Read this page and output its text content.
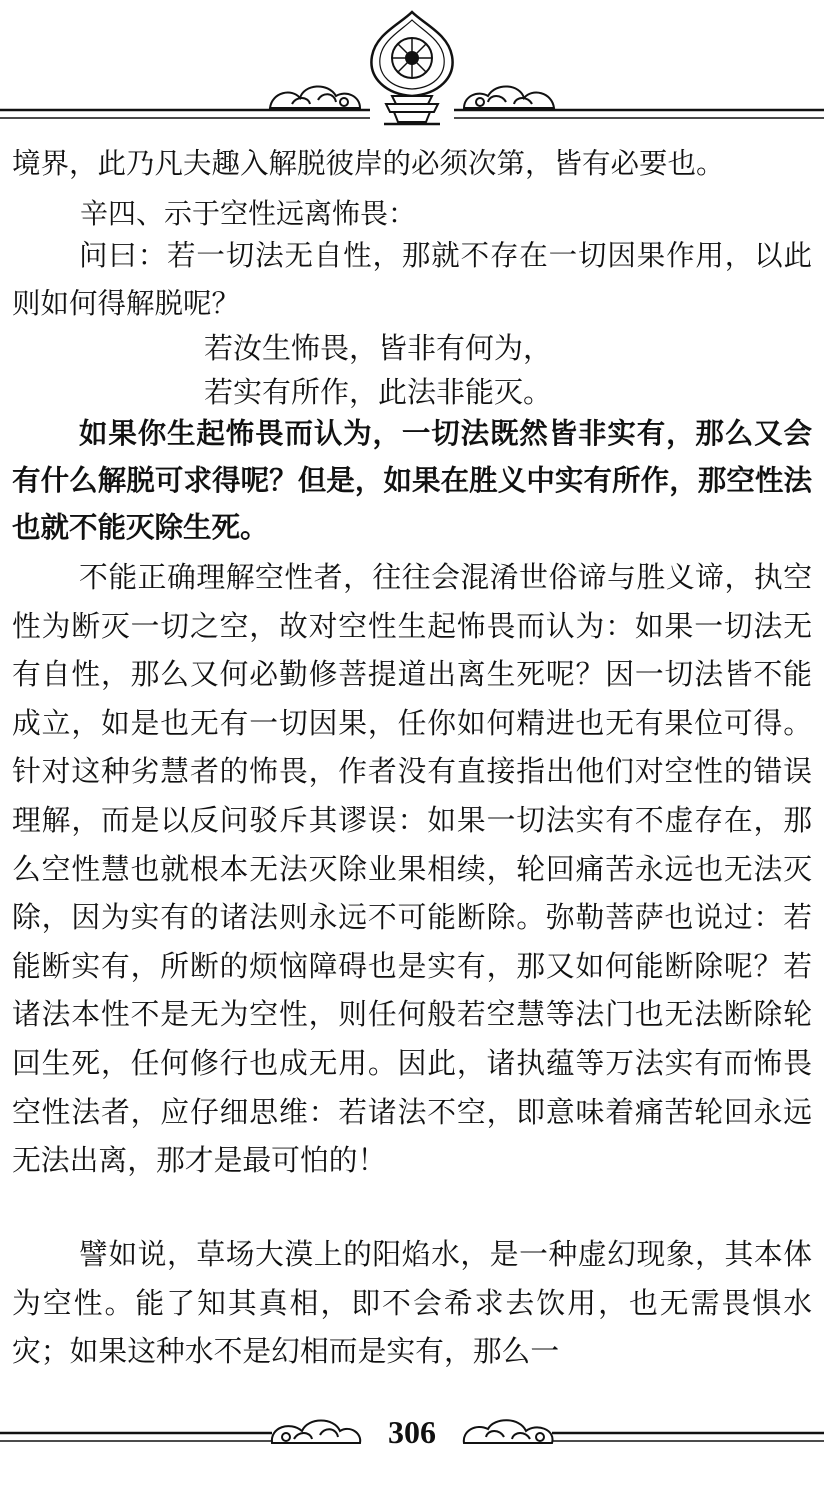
境界，此乃凡夫趣入解脱彼岸的必须次第，皆有必要也。
辛四、示于空性远离怖畏：
问曰：若一切法无自性，那就不存在一切因果作用，以此则如何得解脱呢？
若汝生怖畏，皆非有何为，
若实有所作，此法非能灭。
如果你生起怖畏而认为，一切法既然皆非实有，那么又会有什么解脱可求得呢？但是，如果在胜义中实有所作，那空性法也就不能灭除生死。
不能正确理解空性者，往往会混淆世俗谛与胜义谛，执空性为断灭一切之空，故对空性生起怖畏而认为：如果一切法无有自性，那么又何必勤修菩提道出离生死呢？因一切法皆不能成立，如是也无有一切因果，任你如何精进也无有果位可得。针对这种劣慧者的怖畏，作者没有直接指出他们对空性的错误理解，而是以反问驳斥其谬误：如果一切法实有不虚存在，那么空性慧也就根本无法灭除业果相续，轮回痛苦永远也无法灭除，因为实有的诸法则永远不可能断除。弥勒菩萨也说过：若能断实有，所断的烦恼障碍也是实有，那又如何能断除呢？若诸法本性不是无为空性，则任何般若空慧等法门也无法断除轮回生死，任何修行也成无用。因此，诸执蕴等万法实有而怖畏空性法者，应仔细思维：若诸法不空，即意味着痛苦轮回永远无法出离，那才是最可怕的！
譬如说，草场大漠上的阳焰水，是一种虚幻现象，其本体为空性。能了知其真相，即不会希求去饮用，也无需畏惧水灾；如果这种水不是幻相而是实有，那么一
306
